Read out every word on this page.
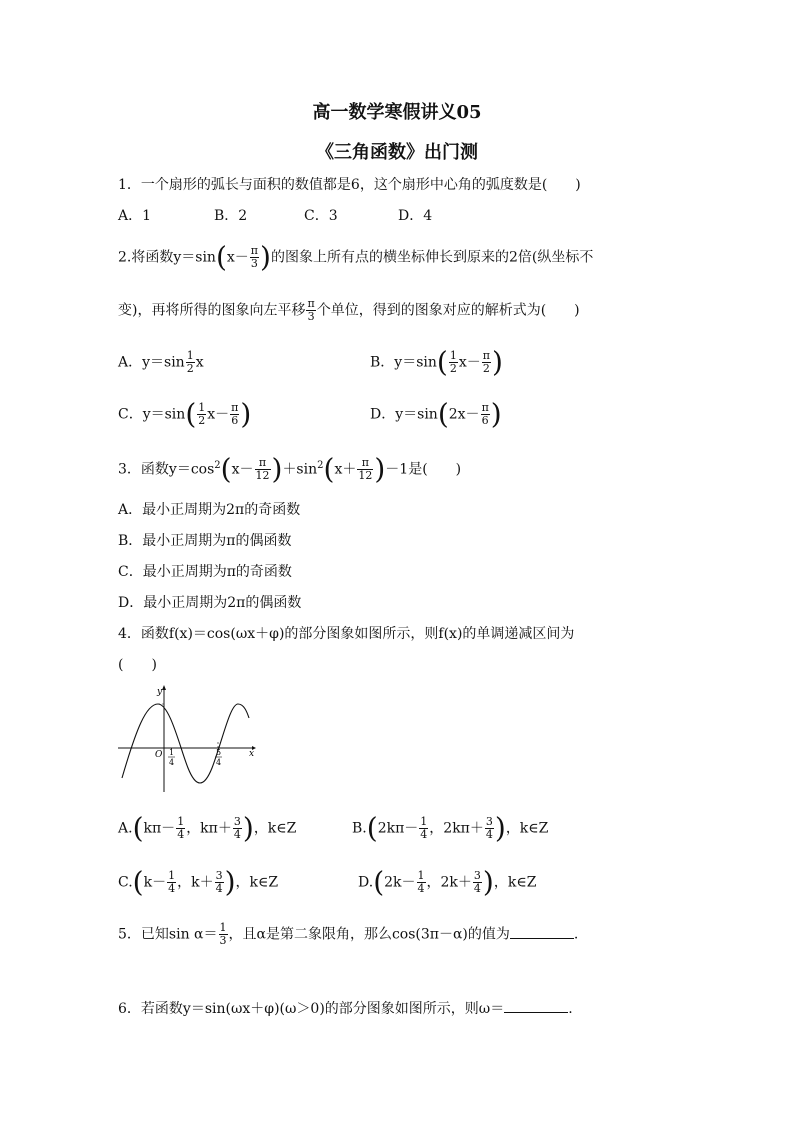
高一数学寒假讲义05
《三角函数》出门测
1．一个扇形的弧长与面积的数值都是6，这个扇形中心角的弧度数是(　　)
A．1	B．2	C．3	D．4
2.将函数$y=\sin(x- \frac{\pi}{3}$ )的图象上所有点的横坐标伸长到原来的2倍(纵坐标不
变)，再将所得的图象向左平移 $\frac{\pi}{3}$ 个单位，得到的图象对应的解析式为(　　)
A．$y=\sin \frac{1}{2}$ x	B．$y=\sin( \frac{1}{2} x- \frac{\pi}{2}$ )
C．$y=\sin( \frac{1}{2} x- \frac{\pi}{6}$ )	D．$y=\sin(2x- \frac{\pi}{6}$ )
3．函数$y=\cos^2(x- \frac{\pi}{12} )+\sin^2(x+ \frac{\pi}{12} )-1$是(　　)
A．最小正周期为2π的奇函数
B．最小正周期为π的偶函数
C．最小正周期为π的奇函数
D．最小正周期为2π的偶函数
4．函数f(x)＝cos(ωx＋φ)的部分图象如图所示，则f(x)的单调递减区间为
(　　)
y
x
O 1
4
5
4
$A.(k\pi- \frac{1}{4}$ ，$k\pi+ \frac{3}{4}$ )，k∈Z	$B.(2k\pi- \frac{1}{4}$ ，$2k\pi+ \frac{3}{4}$ )，k∈Z
$C.(k- \frac{1}{4}$ ，$k+ \frac{3}{4}$ )，k∈Z	$D.(2k- \frac{1}{4}$ ，$2k+ \frac{3}{4}$ )，k∈Z
5．已知$\sin \alpha= \frac{1}{3}$ ，且α是第二象限角，那么cos(3π－α)的值为	.
6．若函数y＝sin(ωx＋φ)(ω＞0)的部分图象如图所示，则ω＝	.
